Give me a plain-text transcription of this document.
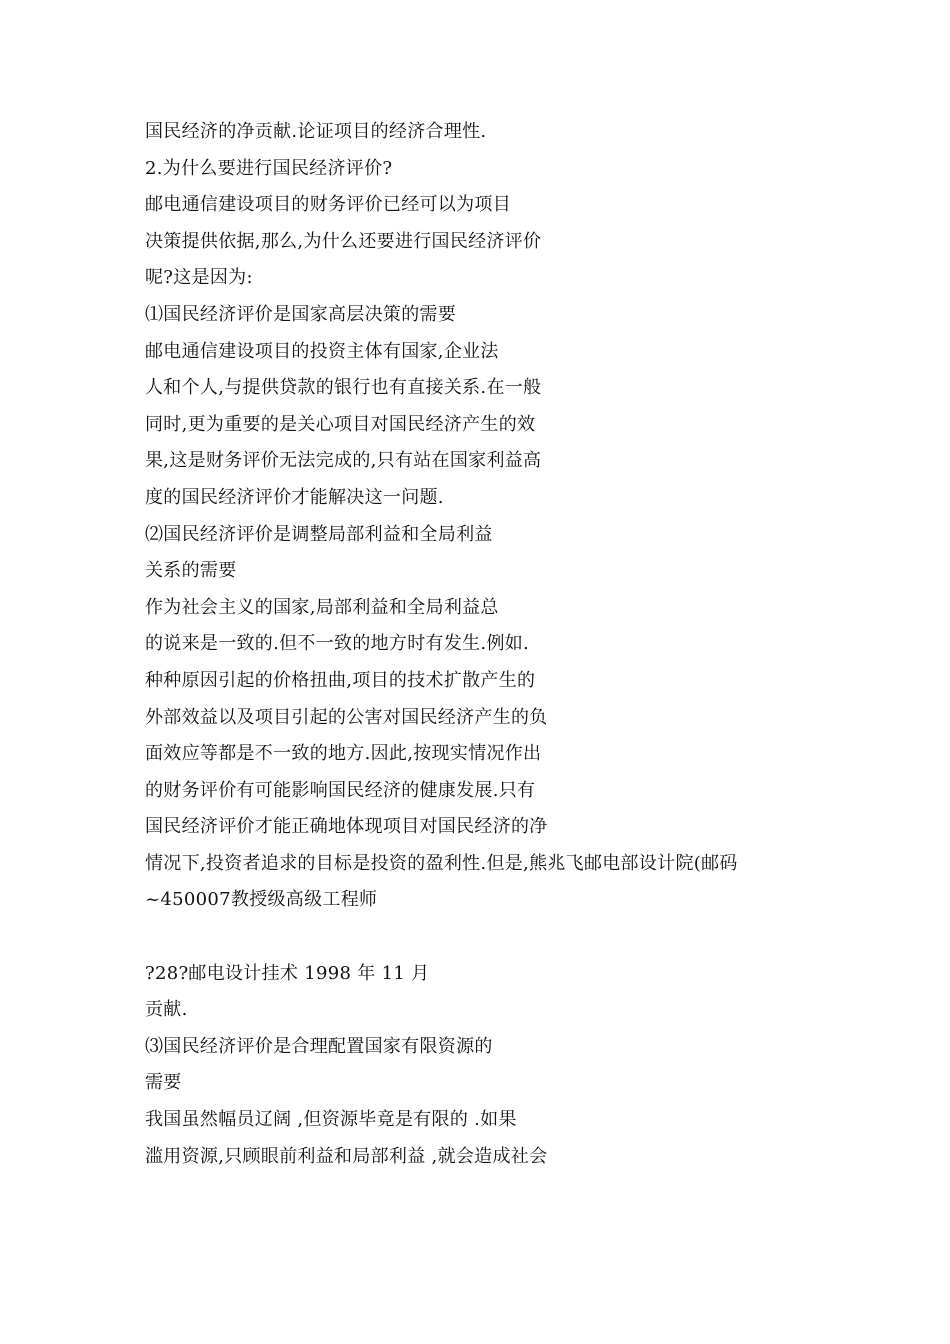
国民经济的净贡献.论证项目的经济合理性.
2.为什么要进行国民经济评价?
邮电通信建设项目的财务评价已经可以为项目
决策提供依据,那么,为什么还要进行国民经济评价
呢?这是因为:
⑴国民经济评价是国家高层决策的需要
邮电通信建设项目的投资主体有国家,企业法
人和个人,与提供贷款的银行也有直接关系.在一般
同时,更为重要的是关心项目对国民经济产生的效
果,这是财务评价无法完成的,只有站在国家利益高
度的国民经济评价才能解决这一问题.
⑵国民经济评价是调整局部利益和全局利益
关系的需要
作为社会主义的国家,局部利益和全局利益总
的说来是一致的.但不一致的地方时有发生.例如.
种种原因引起的价格扭曲,项目的技术扩散产生的
外部效益以及项目引起的公害对国民经济产生的负
面效应等都是不一致的地方.因此,按现实情况作出
的财务评价有可能影响国民经济的健康发展.只有
国民经济评价才能正确地体现项目对国民经济的净
情况下,投资者追求的目标是投资的盈利性.但是,熊兆飞邮电部设计院(邮码
~450007教授级高级工程师
?28?邮电设计挂术 1998 年 11 月
贡献.
⑶国民经济评价是合理配置国家有限资源的
需要
我国虽然幅员辽阔 ,但资源毕竟是有限的 .如果
滥用资源,只顾眼前利益和局部利益 ,就会造成社会
